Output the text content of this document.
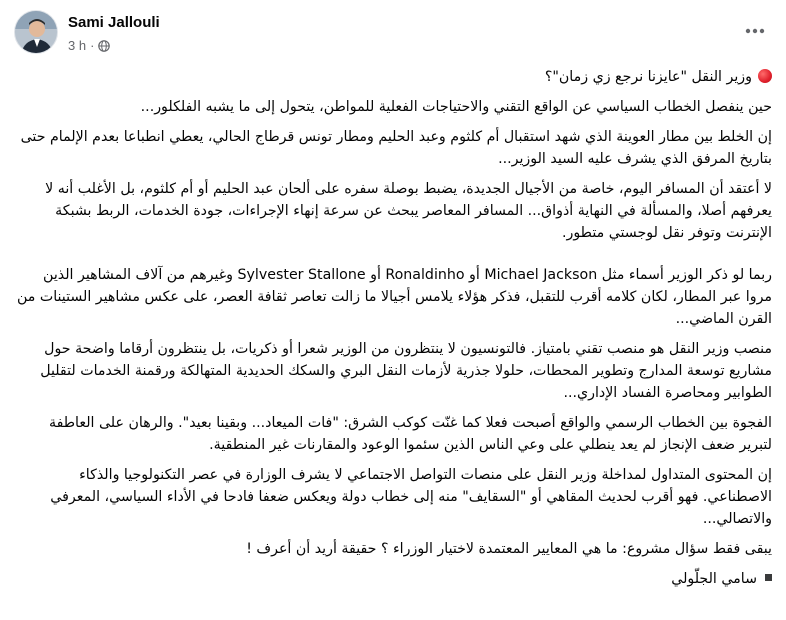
Sami Jallouli
3 h ·

وزير النقل "عايزنا نرجع زي زمان"؟

حين ينفصل الخطاب السياسي عن الواقع التقني والاحتياجات الفعلية للمواطن، يتحول إلى ما يشبه الفلكلور...

إن الخلط بين مطار العوينة الذي شهد استقبال أم كلثوم وعبد الحليم ومطار تونس قرطاج الحالي، يعطي انطباعا بعدم الإلمام حتى بتاريخ المرفق الذي يشرف عليه السيد الوزير...

لا أعتقد أن المسافر اليوم، خاصة من الأجيال الجديدة، يضبط بوصلة سفره على ألحان عبد الحليم أو أم كلثوم، بل الأغلب أنه لا يعرفهم أصلا، والمسألة في النهاية أذواق... المسافر المعاصر يبحث عن سرعة إنهاء الإجراءات، جودة الخدمات، الربط بشبكة الإنترنت وتوفر نقل لوجستي متطور.

ربما لو ذكر الوزير أسماء مثل Michael Jackson أو Ronaldinho أو Sylvester Stallone وغيرهم من آلاف المشاهير الذين مروا عبر المطار، لكان كلامه أقرب للتقبل، فذكر هؤلاء يلامس أجيالا ما زالت تعاصر ثقافة العصر، على عكس مشاهير الستينات من القرن الماضي...

منصب وزير النقل هو منصب تقني بامتياز. فالتونسيون لا ينتظرون من الوزير شعرا أو ذكريات، بل ينتظرون أرقاما واضحة حول مشاريع توسعة المدارج وتطوير المحطات، حلولا جذرية لأزمات النقل البري والسكك الحديدية المتهالكة ورقمنة الخدمات لتقليل الطوابير ومحاصرة الفساد الإداري...

الفجوة بين الخطاب الرسمي والواقع أصبحت فعلا كما غنّت كوكب الشرق: "فات الميعاد... وبقينا بعيد". والرهان على العاطفة لتبرير ضعف الإنجاز لم يعد ينطلي على وعي الناس الذين سئموا الوعود والمقارنات غير المنطقية.

إن المحتوى المتداول لمداخلة وزير النقل على منصات التواصل الاجتماعي لا يشرف الوزارة في عصر التكنولوجيا والذكاء الاصطناعي. فهو أقرب لحديث المقاهي أو "السقايف" منه إلى خطاب دولة ويعكس ضعفا فادحا في الأداء السياسي، المعرفي والاتصالي...

يبقى فقط سؤال مشروع: ما هي المعايير المعتمدة لاختيار الوزراء ؟ حقيقة أريد أن أعرف !

سامي الجلّولي
